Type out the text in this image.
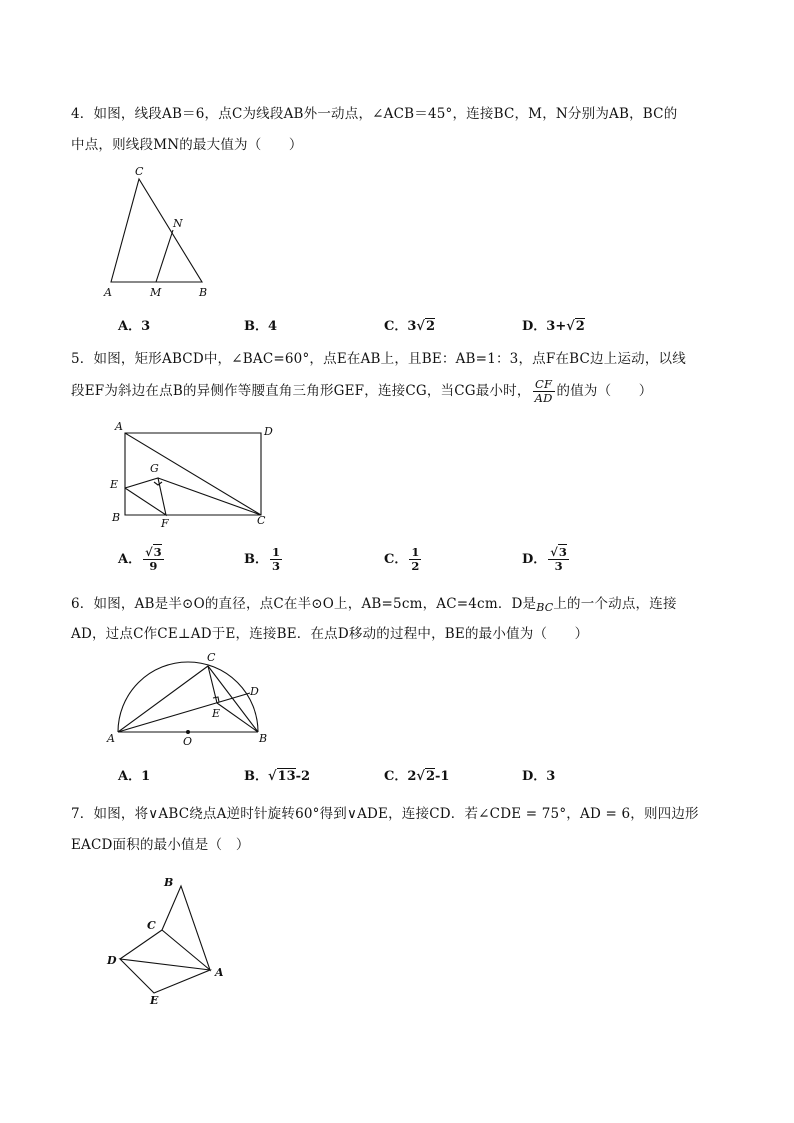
4．如图，线段AB＝6，点C为线段AB外一动点，∠ACB＝45°，连接BC，M，N分别为AB，BC的
中点，则线段MN的最大值为（　　）
C
N
A	M	B
A．3	B．4	C．3√2	D．3+√2
5．如图，矩形ABCD中，∠BAC=60°，点E在AB上，且BE：AB=1：3，点F在BC边上运动，以线
段EF为斜边在点B的异侧作等腰直角三角形GEF，连接CG，当CG最小时， $\frac{CF}{AD}$ 的值为（　　）
A	D
G
E
B	F	C
A． $\frac{√3}{9}$	B． $\frac{1}{3}$	C． $\frac{1}{2}$	D． $\frac{√3}{3}$
6．如图，AB是半⊙O的直径，点C在半⊙O上，AB=5cm，AC=4cm．D是$_{BC}$上的一个动点，连接
AD，过点C作CE⊥AD于E，连接BE．在点D移动的过程中，BE的最小值为（　　）
C
D
E
A	O	B
A．1	B．√13-2	C．2√2-1	D．3
7．如图，将∨ABC绕点A逆时针旋转60°得到∨ADE，连接CD．若∠CDE = 75°，AD = 6，则四边形
EACD面积的最小值是（　）
B
C
D
A
E
